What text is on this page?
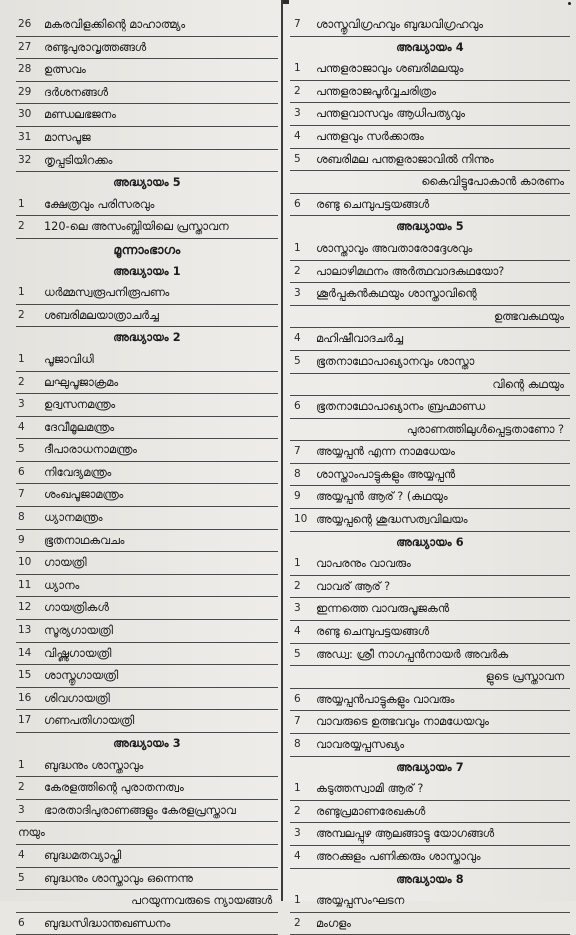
26 മകരവിളക്കിന്റെ മാഹാത്മ്യം
27 രണ്ടുപുരാവൃത്തങ്ങൾ
28 ഉത്സവം
29 ദർശനങ്ങൾ
30 മണ്ഡലഭജനം
31 മാസപൂജ
32 തൃപ്പടിയിറക്കം
അദ്ധ്യായം 5
1 ക്ഷേത്രവും പരിസരവും
2 120-ലെ അസംബ്ലിയിലെ പ്രസ്താവന
മൂന്നാംഭാഗം
അദ്ധ്യായം 1
1 ധർമ്മസ്വരൂപനിരൂപണം
2 ശബരിമലയാത്രാചർച്ച
അദ്ധ്യായം 2
1 പൂജാവിധി
2 ലഘുപൂജാക്രമം
3 ഉദ്വസനമന്ത്രം
4 ദേവീമൂലമന്ത്രം
5 ദീപാരാധനാമന്ത്രം
6 നിവേദ്യമന്ത്രം
7 ശംഖപൂജാമന്ത്രം
8 ധ്യാനമന്ത്രം
9 ഭൂതനാഥകവചം
10 ഗായത്രി
11 ധ്യാനം
12 ഗായത്രികൾ
13 സൂര്യഗായത്രി
14 വിഷ്ണുഗായത്രി
15 ശാസ്തൃഗായത്രി
16 ശിവഗായത്രി
17 ഗണപതിഗായത്രി
അദ്ധ്യായം 3
1 ബുദ്ധനും ശാസ്താവും
2 കേരളത്തിന്റെ പുരാതനത്വം
3 ഭാരതാദിപുരാണങ്ങളും കേരളപ്രസ്താവ
നയും
4 ബുദ്ധമതവ്യാപ്തി
5 ബുദ്ധനും ശാസ്താവും ഒന്നെന്നു
പറയുന്നവരുടെ ന്യായങ്ങൾ
6 ബുദ്ധസിദ്ധാന്തഖണ്ഡനം
7 ശാസ്തൃവിഗ്രഹവും ബുദ്ധവിഗ്രഹവും
അദ്ധ്യായം 4
1 പന്തളരാജാവും ശബരിമലയും
2 പന്തളരാജപൂർവ്വചരിത്രം
3 പന്തളവാസവും ആധിപത്യവും
4 പന്തളവും സർക്കാരും
5 ശബരിമല പന്തളരാജാവിൽ നിന്നും
കൈവിട്ടുപോകാൻ കാരണം
6 രണ്ടു ചെമ്പുപട്ടയങ്ങൾ
അദ്ധ്യായം 5
1 ശാസ്താവും അവതാരോദ്ദേശവും
2 പാലാഴിമഥനം അർത്ഥവാദകഥയോ?
3 ശൂർപ്പകൻകഥയും ശാസ്താവിന്റെ
ഉത്ഭവകഥയും
4 മഹിഷീവാദചർച്ച
5 ഭൂതനാഥോപാഖ്യാനവും ശാസ്താ
വിന്റെ കഥയും
6 ഭൂതനാഥോപാഖ്യാനം ബ്രഹ്മാണ്ഡ
പുരാണത്തിലുൾപ്പെട്ടതാണോ ?
7 അയ്യപ്പൻ എന്ന നാമധേയം
8 ശാസ്താംപാട്ടുകളും അയ്യപ്പൻ
9 അയ്യപ്പൻ ആര് ? (കഥയും
10 അയ്യപ്പന്റെ ശുദ്ധസത്വവിലയം
അദ്ധ്യായം 6
1 വാപരനും വാവരും
2 വാവര് ആര് ?
3 ഇന്നത്തെ വാവരുപൂജകൻ
4 രണ്ടു ചെമ്പുപട്ടയങ്ങൾ
5 അഡ്വ: ശ്രീ നാഗപ്പൻനായർ അവർക
ളുടെ പ്രസ്താവന
6 അയ്യപ്പൻപാട്ടുകളും വാവരും
7 വാവരുടെ ഉത്ഭവവും നാമധേയവും
8 വാവരയ്യപ്പസഖ്യം
അദ്ധ്യായം 7
1 കടുത്തസ്വാമി ആര് ?
2 രണ്ടുപ്രമാണരേഖകൾ
3 അമ്പലപ്പുഴ ആലങ്ങാട്ടു യോഗങ്ങൾ
4 അറക്കുളം പണിക്കരും ശാസ്താവും
അദ്ധ്യായം 8
1 അയ്യപ്പസംഘടന
2 മംഗളം
